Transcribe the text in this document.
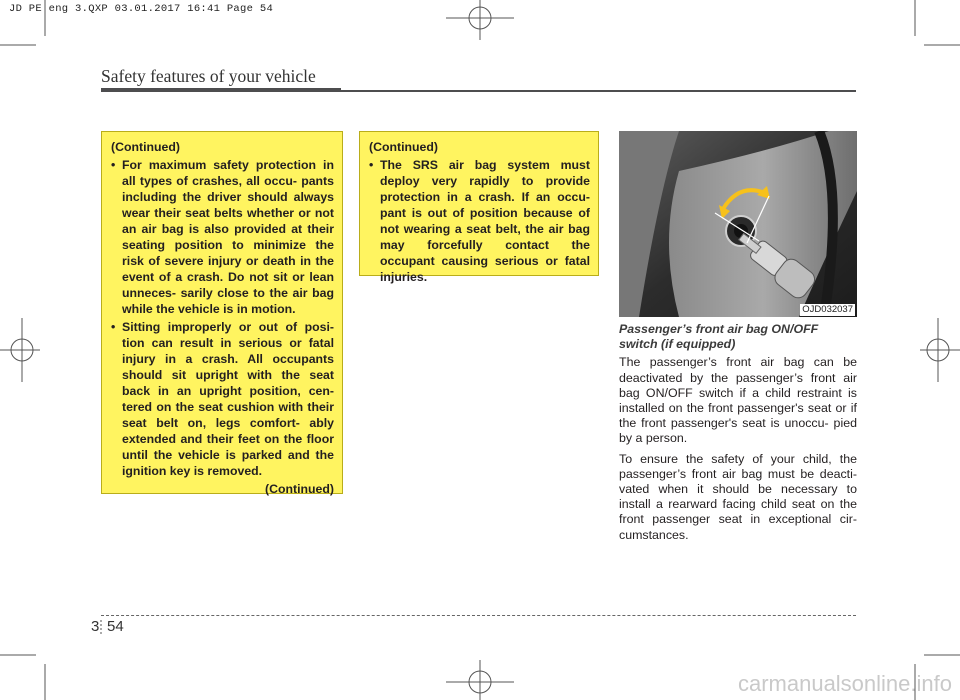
JD PE eng 3.QXP 03.01.2017 16:41 Page 54
Safety features of your vehicle
(Continued)
• For maximum safety protection in all types of crashes, all occu- pants including the driver should always wear their seat belts whether or not an air bag is also provided at their seating position to minimize the risk of severe injury or death in the event of a crash. Do not sit or lean unneces- sarily close to the air bag while the vehicle is in motion.
• Sitting improperly or out of posi- tion can result in serious or fatal injury in a crash. All occupants should sit upright with the seat back in an upright position, cen- tered on the seat cushion with their seat belt on, legs comfort- ably extended and their feet on the floor until the vehicle is parked and the ignition key is removed.
(Continued)
(Continued)
• The SRS air bag system must deploy very rapidly to provide protection in a crash. If an occu- pant is out of position because of not wearing a seat belt, the air bag may forcefully contact the occupant causing serious or fatal injuries.
OJD032037
Passenger’s front air bag ON/OFF switch (if equipped)

The passenger’s front air bag can be deactivated by the passenger’s front air bag ON/OFF switch if a child restraint is installed on the front passenger's seat or if the front passenger's seat is unoccu- pied by a person.

To ensure the safety of your child, the passenger’s front air bag must be deacti- vated when it should be necessary to install a rearward facing child seat on the front passenger seat in exceptional cir- cumstances.

3 54
carmanualsonline.info
